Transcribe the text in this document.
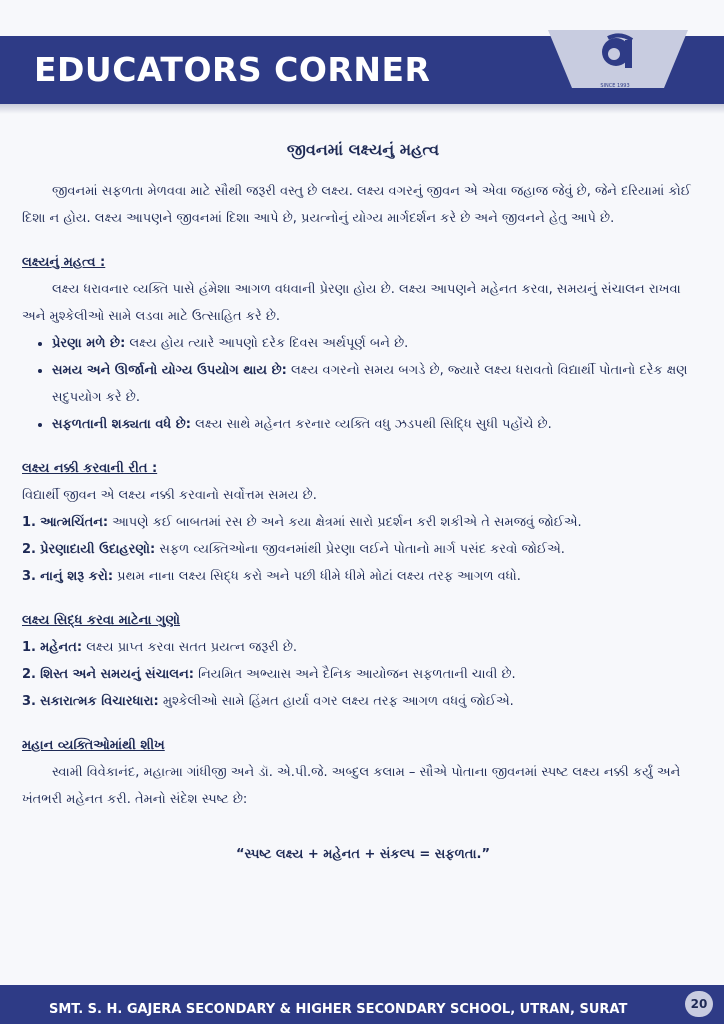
EDUCATORS CORNER	SINCE 1993

જીવનમાં લક્ષ્યનું મહત્વ

જીવનમાં સફળતા મેળવવા માટે સૌથી જરૂરી વસ્તુ છે લક્ષ્ય. લક્ષ્ય વગરનું જીવન એ એવા જહાજ જેવું છે, જેને દરિયામાં કોઈ દિશા ન હોય. લક્ષ્ય આપણને જીવનમાં દિશા આપે છે, પ્રયત્નોનું યોગ્ય માર્ગદર્શન કરે છે અને જીવનને હેતુ આપે છે.

લક્ષ્યનું મહત્વ :

લક્ષ્ય ધરાવનાર વ્યક્તિ પાસે હંમેશા આગળ વધવાની પ્રેરણા હોય છે. લક્ષ્ય આપણને મહેનત કરવા, સમયનું સંચાલન રાખવા અને મુશ્કેલીઓ સામે લડવા માટે ઉત્સાહિત કરે છે.

• પ્રેરણા મળે છે: લક્ષ્ય હોય ત્યારે આપણો દરેક દિવસ અર્થપૂર્ણ બને છે.
• સમય અને ઊર્જાનો યોગ્ય ઉપયોગ થાય છે: લક્ષ્ય વગરનો સમય બગડે છે, જ્યારે લક્ષ્ય ધરાવતો વિદ્યાર્થી પોતાનો દરેક ક્ષણ સદુપયોગ કરે છે.
• સફળતાની શક્યતા વધે છે: લક્ષ્ય સાથે મહેનત કરનાર વ્યક્તિ વધુ ઝડપથી સિદ્ધિ સુધી પહોંચે છે.

લક્ષ્ય નક્કી કરવાની રીત :

વિદ્યાર્થી જીવન એ લક્ષ્ય નક્કી કરવાનો સર્વોત્તમ સમય છે.

1. આત્મચિંતન: આપણે કઈ બાબતમાં રસ છે અને કયા ક્ષેત્રમાં સારો પ્રદર્શન કરી શકીએ તે સમજવું જોઈએ.

2. પ્રેરણાદાયી ઉદાહરણો: સફળ વ્યક્તિઓના જીવનમાંથી પ્રેરણા લઈને પોતાનો માર્ગ પસંદ કરવો જોઈએ.

3. નાનું શરૂ કરો: પ્રથમ નાના લક્ષ્ય સિદ્ધ કરો અને પછી ધીમે ધીમે મોટાં લક્ષ્ય તરફ આગળ વધો.

લક્ષ્ય સિદ્ધ કરવા માટેના ગુણો

1. મહેનત: લક્ષ્ય પ્રાપ્ત કરવા સતત પ્રયત્ન જરૂરી છે.

2. શિસ્ત અને સમયનું સંચાલન: નિયમિત અભ્યાસ અને દૈનિક આયોજન સફળતાની ચાવી છે.

3. સકારાત્મક વિચારધારા: મુશ્કેલીઓ સામે હિંમત હાર્યા વગર લક્ષ્ય તરફ આગળ વધવું જોઈએ.

મહાન વ્યક્તિઓમાંથી શીખ

સ્વામી વિવેકાનંદ, મહાત્મા ગાંધીજી અને ડૉ. એ.પી.જે. અબ્દુલ કલામ – સૌએ પોતાના જીવનમાં સ્પષ્ટ લક્ષ્ય નક્કી કર્યું અને ખંતભરી મહેનત કરી. તેમનો સંદેશ સ્પષ્ટ છે:

“સ્પષ્ટ લક્ષ્ય + મહેનત + સંકલ્પ = સફળતા.”

SMT. S. H. GAJERA SECONDARY & HIGHER SECONDARY SCHOOL, UTRAN, SURAT	20
